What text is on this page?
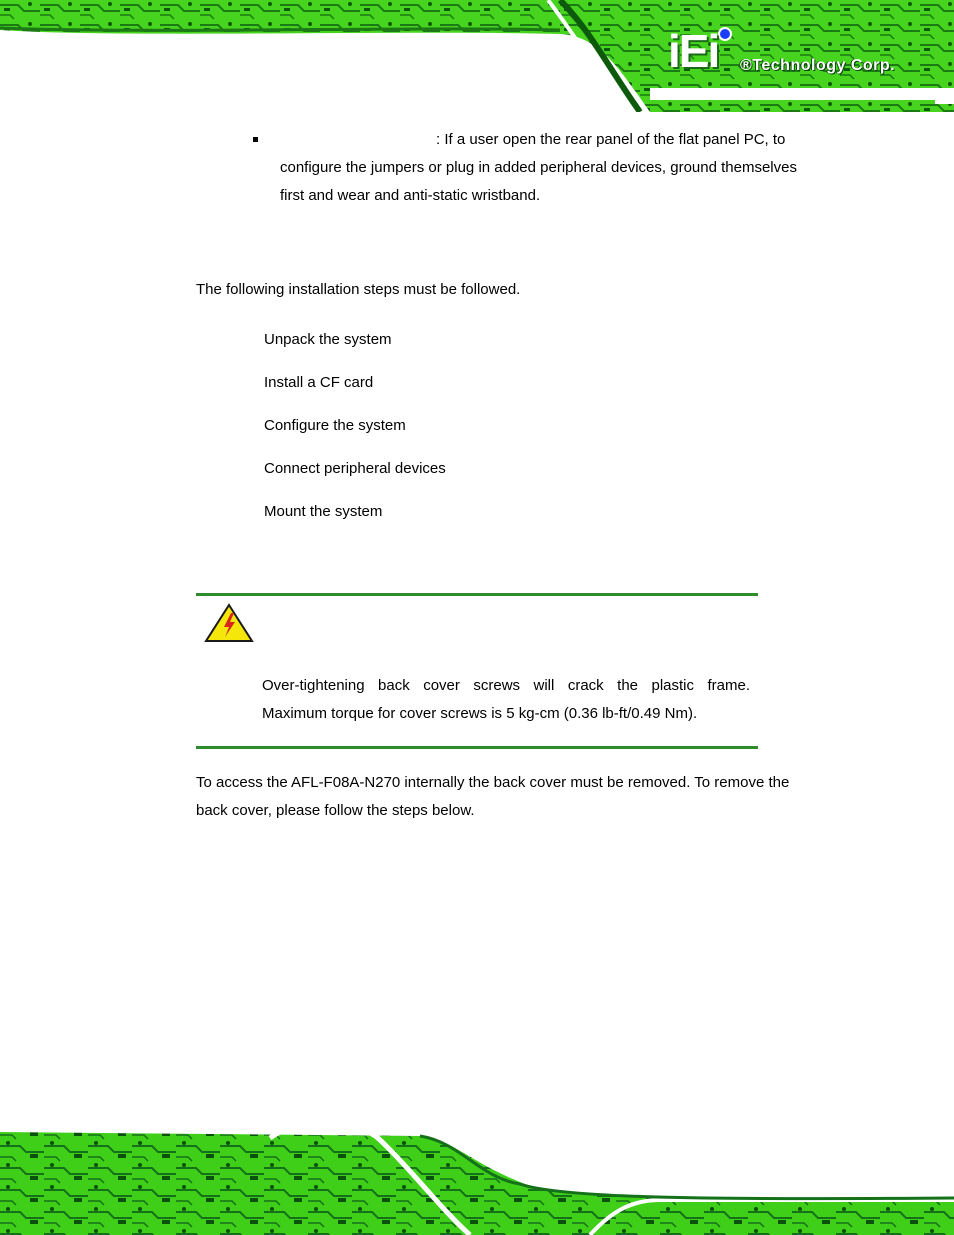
iEi ®Technology Corp.
: If a user open the rear panel of the flat panel PC, to
configure the jumpers or plug in added peripheral devices, ground themselves
first and wear and anti-static wristband.
The following installation steps must be followed.
Unpack the system
Install a CF card
Configure the system
Connect peripheral devices
Mount the system
Over-tightening back cover screws will crack the plastic frame.
Maximum torque for cover screws is 5 kg-cm (0.36 lb-ft/0.49 Nm).
To access the AFL-F08A-N270 internally the back cover must be removed. To remove the
back cover, please follow the steps below.
